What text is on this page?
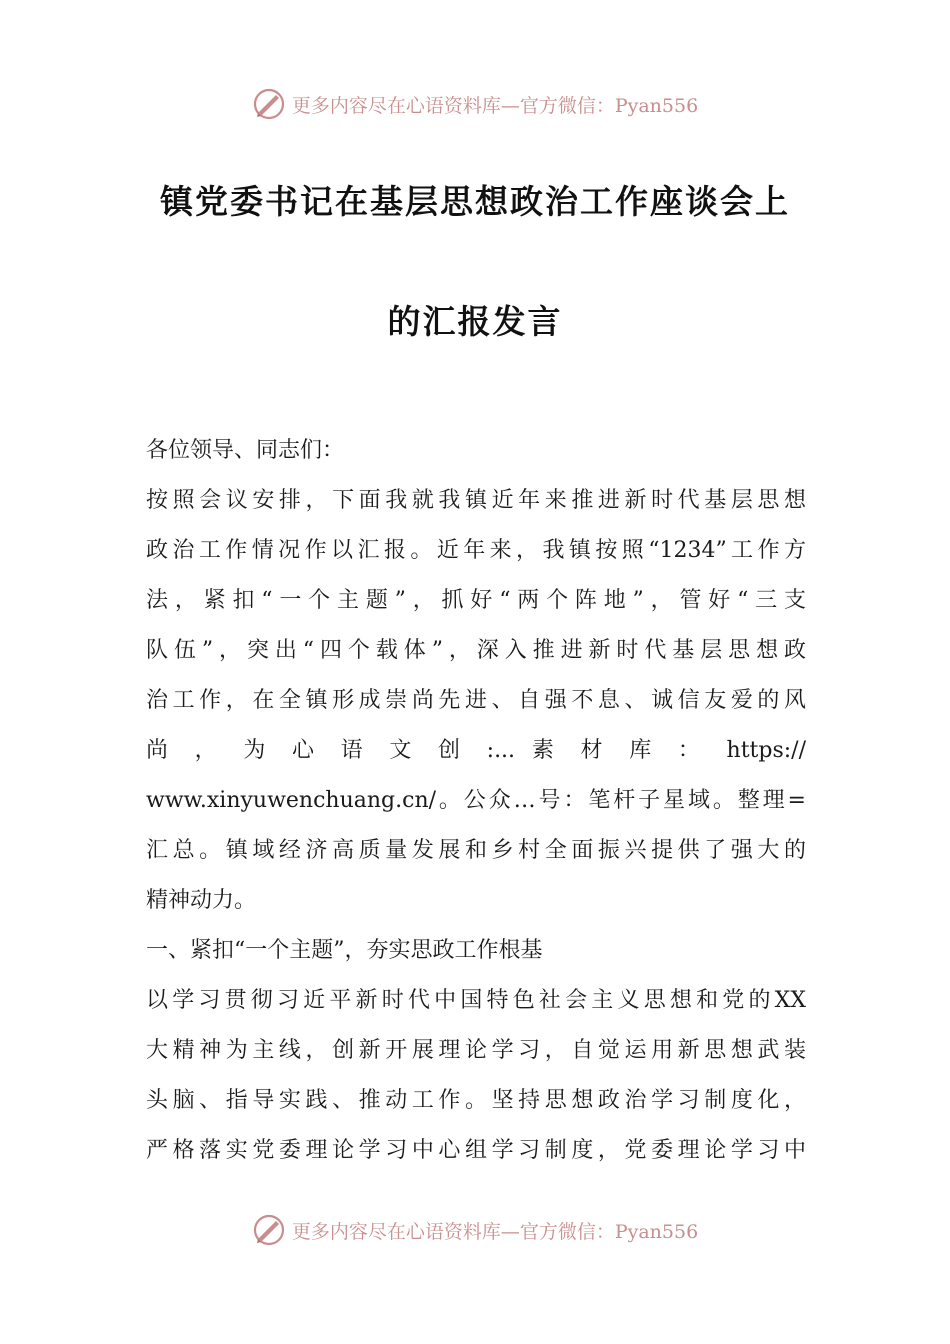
更多内容尽在心语资料库—官方微信：Pyan556
镇党委书记在基层思想政治工作座谈会上
的汇报发言
各位领导、同志们：
按照会议安排，下面我就我镇近年来推进新时代基层思想
政治工作情况作以汇报。近年来，我镇按照“1234”工作方
法，紧扣“一个主题”，抓好“两个阵地”，管好“三支
队伍”，突出“四个载体”，深入推进新时代基层思想政
治工作，在全镇形成崇尚先进、自强不息、诚信友爱的风
尚 ， 为 心 语 文 创 :... 素 材 库 ： https://
www.xinyuwenchuang.cn/。公众…号：笔杆子星域。整理=
汇总。镇域经济高质量发展和乡村全面振兴提供了强大的
精神动力。
一、紧扣“一个主题”，夯实思政工作根基
以学习贯彻习近平新时代中国特色社会主义思想和党的XX
大精神为主线，创新开展理论学习，自觉运用新思想武装
头脑、指导实践、推动工作。坚持思想政治学习制度化，
严格落实党委理论学习中心组学习制度，党委理论学习中
更多内容尽在心语资料库—官方微信：Pyan556
